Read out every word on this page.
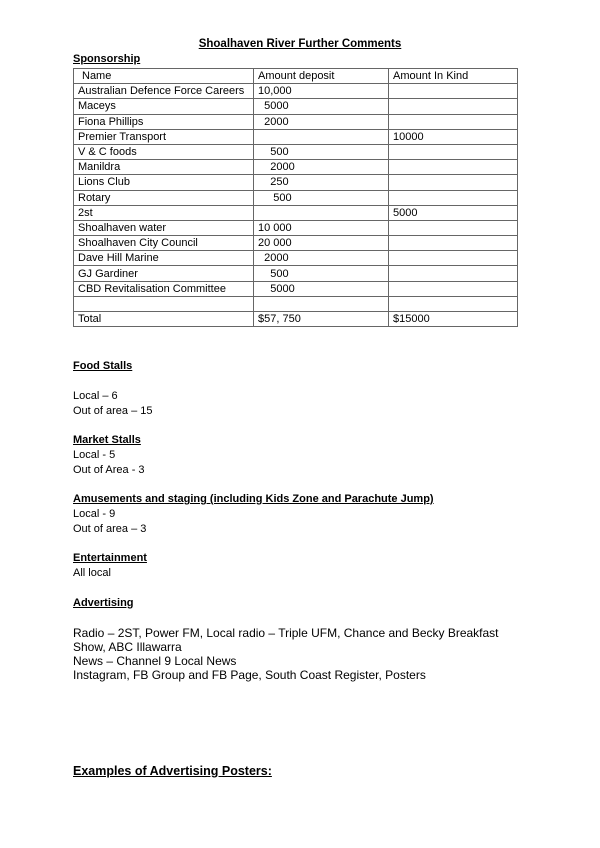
Shoalhaven River Further Comments
Sponsorship
Name	Amount deposit	Amount In Kind
Australian Defence Force Careers	10,000	
Maceys	5000	
Fiona Phillips	2000	
Premier Transport		10000
V & C foods	500	
Manildra	2000	
Lions Club	250	
Rotary	500	
2st		5000
Shoalhaven water	10 000	
Shoalhaven City Council	20 000	
Dave Hill Marine	2000	
GJ Gardiner	500	
CBD Revitalisation Committee	5000	

Total	$57, 750	$15000
Food Stalls
Local – 6
Out of area – 15
Market Stalls
Local - 5
Out of Area - 3
Amusements and staging (including Kids Zone and Parachute Jump)
Local - 9
Out of area – 3
Entertainment
All local
Advertising
Radio – 2ST, Power FM, Local radio – Triple UFM, Chance and Becky Breakfast
Show, ABC Illawarra
News – Channel 9 Local News
Instagram, FB Group and FB Page, South Coast Register, Posters
Examples of Advertising Posters:
